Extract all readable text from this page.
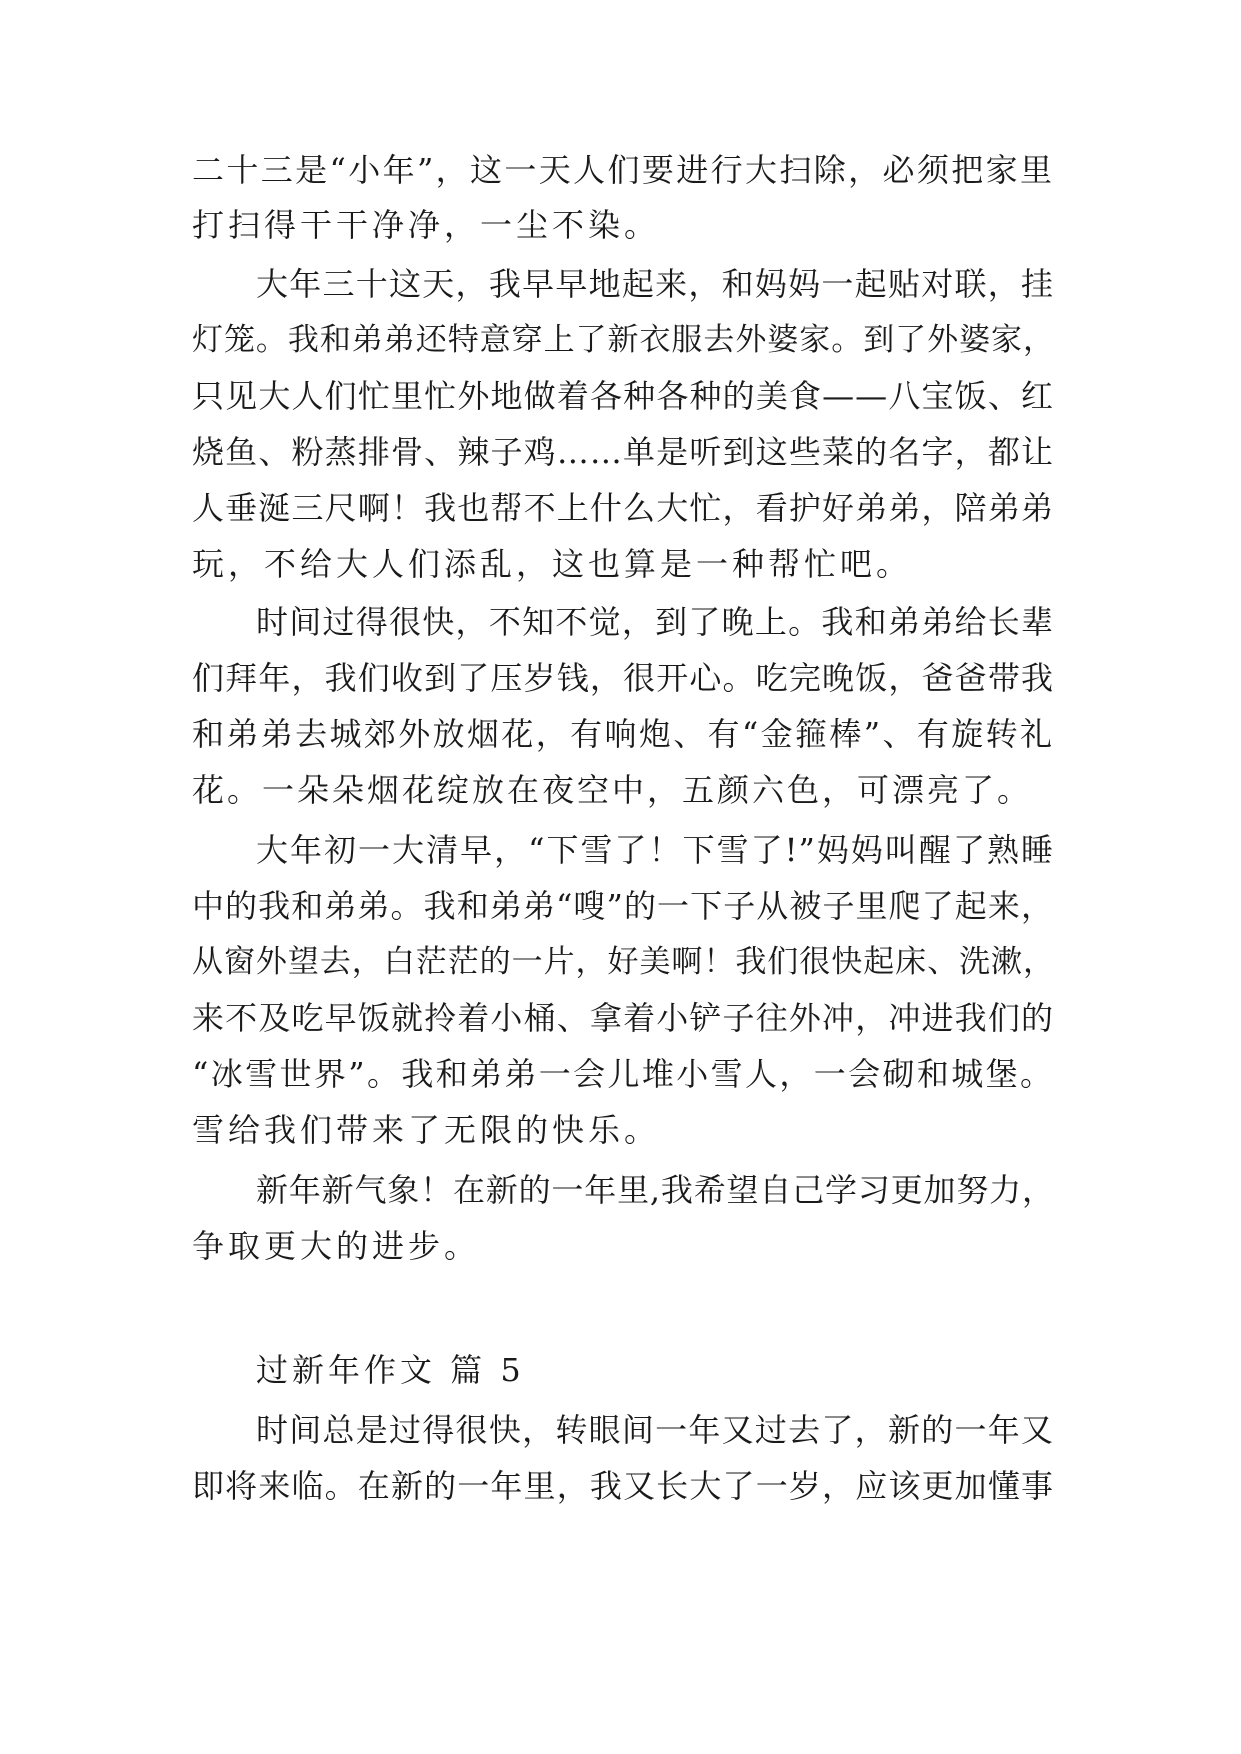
二十三是“小年”，这一天人们要进行大扫除，必须把家里
打扫得干干净净，一尘不染。
大年三十这天，我早早地起来，和妈妈一起贴对联，挂
灯笼。我和弟弟还特意穿上了新衣服去外婆家。到了外婆家，
只见大人们忙里忙外地做着各种各种的美食——八宝饭、红
烧鱼、粉蒸排骨、辣子鸡……单是听到这些菜的名字，都让
人垂涎三尺啊！我也帮不上什么大忙，看护好弟弟，陪弟弟
玩，不给大人们添乱，这也算是一种帮忙吧。
时间过得很快，不知不觉，到了晚上。我和弟弟给长辈
们拜年，我们收到了压岁钱，很开心。吃完晚饭，爸爸带我
和弟弟去城郊外放烟花，有响炮、有“金箍棒”、有旋转礼
花。一朵朵烟花绽放在夜空中，五颜六色，可漂亮了。
大年初一大清早，“下雪了！下雪了!”妈妈叫醒了熟睡
中的我和弟弟。我和弟弟“嗖”的一下子从被子里爬了起来，
从窗外望去，白茫茫的一片，好美啊！我们很快起床、洗漱，
来不及吃早饭就拎着小桶、拿着小铲子往外冲，冲进我们的
“冰雪世界”。我和弟弟一会儿堆小雪人，一会砌和城堡。
雪给我们带来了无限的快乐。
新年新气象！在新的一年里,我希望自己学习更加努力，
争取更大的进步。
过新年作文 篇 5
时间总是过得很快，转眼间一年又过去了，新的一年又
即将来临。在新的一年里，我又长大了一岁，应该更加懂事
